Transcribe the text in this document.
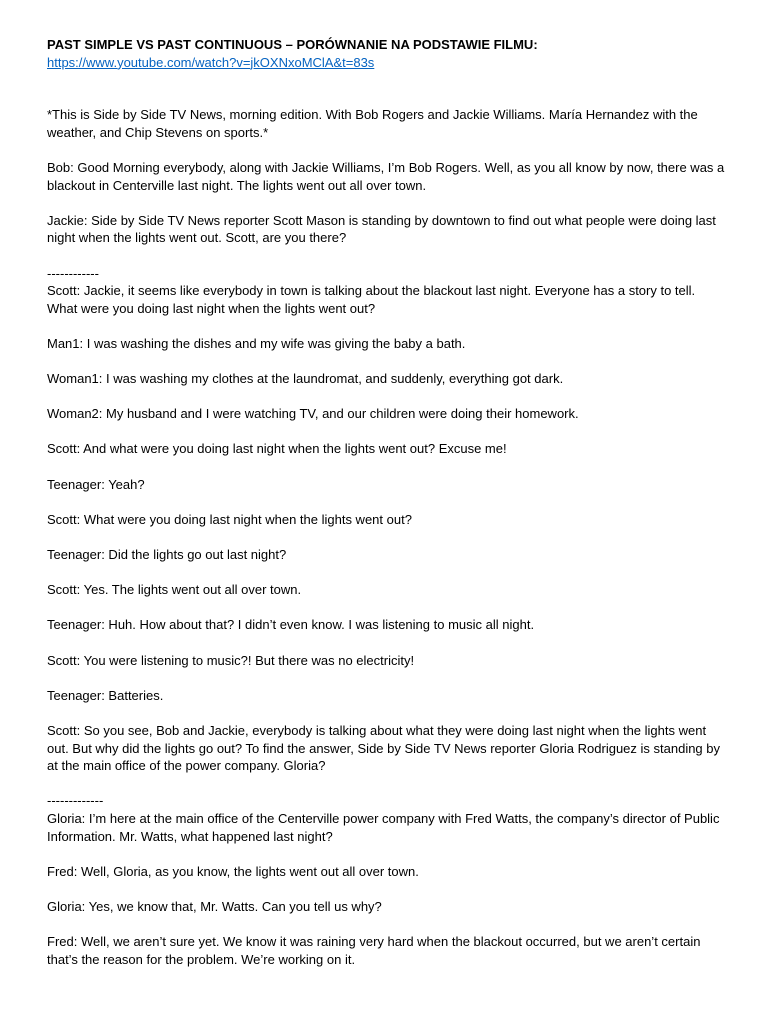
PAST SIMPLE VS PAST CONTINUOUS – PORÓWNANIE NA PODSTAWIE FILMU:
https://www.youtube.com/watch?v=jkOXNxoMClA&t=83s

*This is Side by Side TV News, morning edition. With Bob Rogers and Jackie Williams. María Hernandez with the weather, and Chip Stevens on sports.*

Bob: Good Morning everybody, along with Jackie Williams, I’m Bob Rogers. Well, as you all know by now, there was a blackout in Centerville last night. The lights went out all over town.

Jackie: Side by Side TV News reporter Scott Mason is standing by downtown to find out what people were doing last night when the lights went out. Scott, are you there?

------------

Scott: Jackie, it seems like everybody in town is talking about the blackout last night. Everyone has a story to tell. What were you doing last night when the lights went out?

Man1: I was washing the dishes and my wife was giving the baby a bath.

Woman1: I was washing my clothes at the laundromat, and suddenly, everything got dark.

Woman2: My husband and I were watching TV, and our children were doing their homework.

Scott: And what were you doing last night when the lights went out? Excuse me!

Teenager: Yeah?

Scott: What were you doing last night when the lights went out?

Teenager: Did the lights go out last night?

Scott: Yes. The lights went out all over town.

Teenager: Huh. How about that? I didn’t even know. I was listening to music all night.

Scott: You were listening to music?! But there was no electricity!

Teenager: Batteries.

Scott: So you see, Bob and Jackie, everybody is talking about what they were doing last night when the lights went out. But why did the lights go out? To find the answer, Side by Side TV News reporter Gloria Rodriguez is standing by at the main office of the power company. Gloria?

-------------

Gloria: I’m here at the main office of the Centerville power company with Fred Watts, the company’s director of Public Information. Mr. Watts, what happened last night?

Fred: Well, Gloria, as you know, the lights went out all over town.

Gloria: Yes, we know that, Mr. Watts. Can you tell us why?

Fred: Well, we aren’t sure yet. We know it was raining very hard when the blackout occurred, but we aren’t certain that’s the reason for the problem. We’re working on it.
